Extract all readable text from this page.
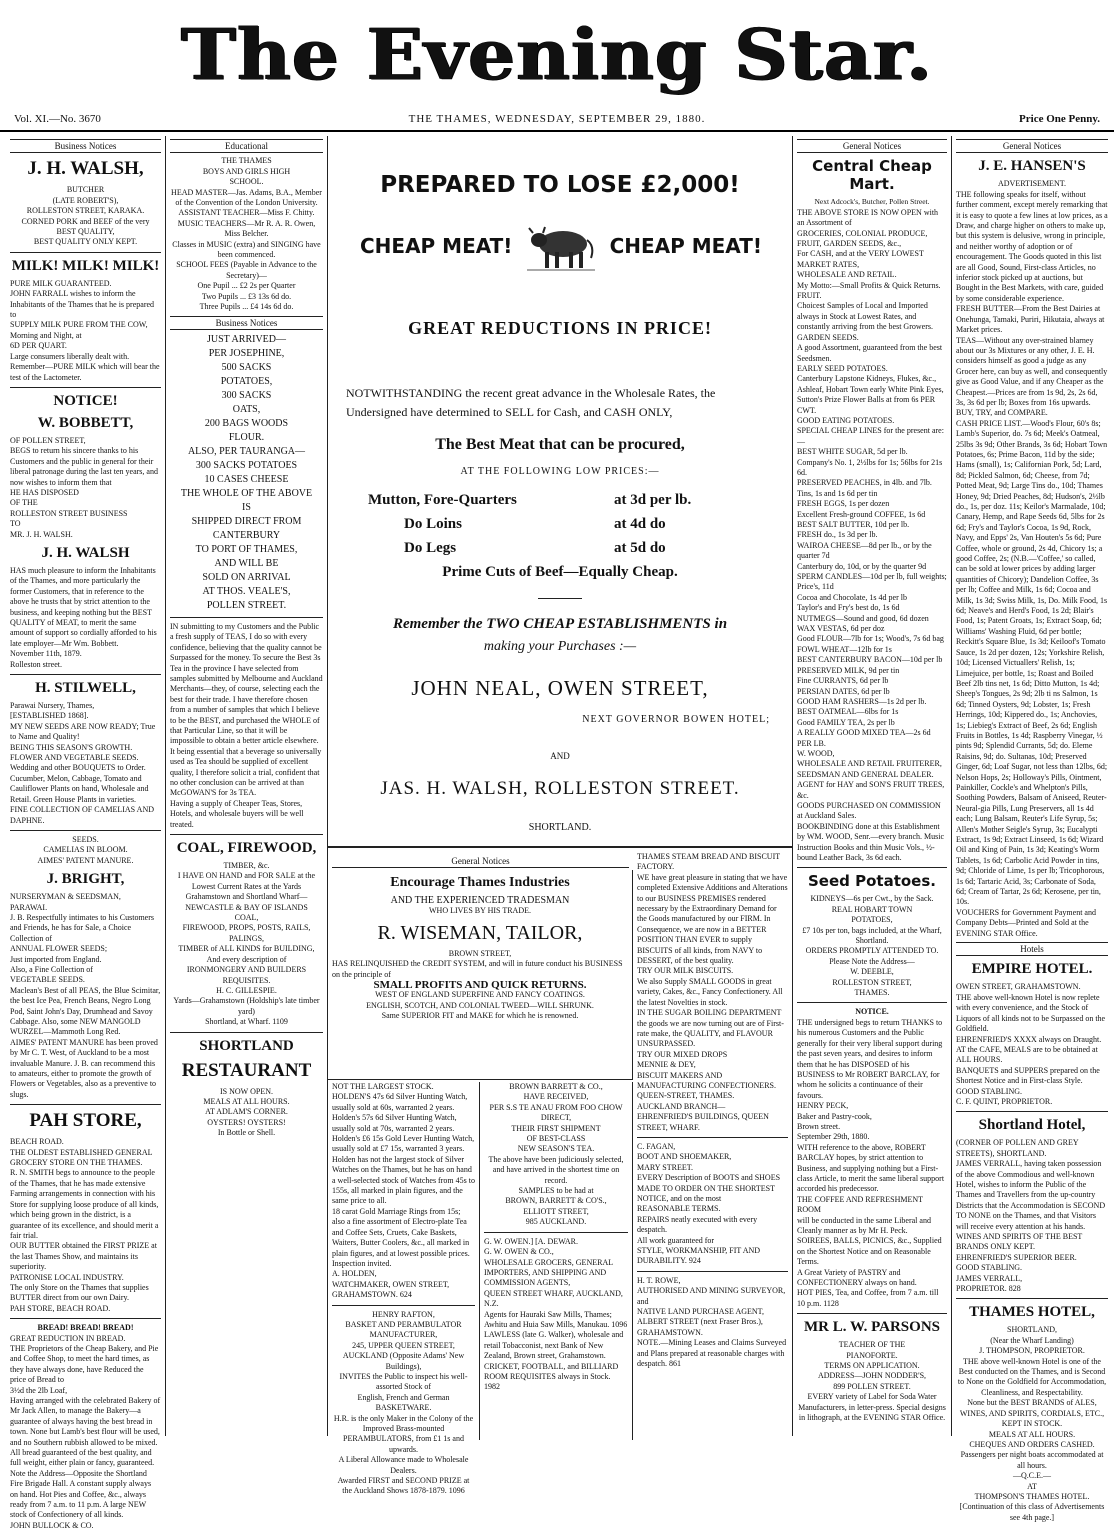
The Evening Star.
Vol. XI.—No. 3670	THE THAMES, WEDNESDAY, SEPTEMBER 29, 1880.	Price One Penny.
Business Notices
J. H. WALSH,
BUTCHER
(LATE ROBERT'S),
ROLLESTON STREET, KARAKA.
CORNED PORK and BEEF of the very
BEST QUALITY,
BEST QUALITY ONLY KEPT.
MILK! MILK! MILK!
PURE MILK GUARANTEED.
JOHN FARRALL wishes to inform the Inhabitants of the Thames that he is prepared to
SUPPLY MILK PURE FROM THE COW,
Morning and Night, at
6D PER QUART.
Large consumers liberally dealt with.
Remember—PURE MILK which will bear the test of the Lactometer.
NOTICE!
W. BOBBETT,
OF POLLEN STREET,
BEGS to return his sincere thanks to his Customers and the public in general for their liberal patronage during the last ten years, and now wishes to inform them that
HE HAS DISPOSED
OF THE
ROLLESTON STREET BUSINESS
TO
MR. J. H. WALSH.
J. H. WALSH
HAS much pleasure to inform the Inhabitants of the Thames, and more particularly the former Customers, that in reference to the above he trusts that by strict attention to the business, and keeping nothing but the BEST QUALITY of MEAT, to merit the same amount of support so cordially afforded to his late employer—Mr Wm. Bobbett.
November 11th, 1879.
Rolleston street.
H. STILWELL,
Parawai Nursery, Thames,
[ESTABLISHED 1868].
MY NEW SEEDS ARE NOW READY; True to Name and Quality!
BEING THIS SEASON'S GROWTH.
FLOWER AND VEGETABLE SEEDS.
Wedding and other BOUQUETS to Order.
Cucumber, Melon, Cabbage, Tomato and Cauliflower Plants on hand, Wholesale and Retail. Green House Plants in varieties.
FINE COLLECTION OF CAMELIAS AND DAPHNE.
SEEDS.
CAMELIAS IN BLOOM.
AIMES' PATENT MANURE.
J. BRIGHT,
NURSERYMAN & SEEDSMAN,
PARAWAI.
J. B. Respectfully intimates to his Customers and Friends, he has for Sale, a Choice Collection of
ANNUAL FLOWER SEEDS;
Just imported from England.
Also, a Fine Collection of
VEGETABLE SEEDS.
Maclean's Best of all PEAS, the Blue Scimitar, the best Ice Pea, French Beans, Negro Long Pod, Saint John's Day, Drumhead and Savoy Cabbage. Also, some NEW MANGOLD WURZEL—Mammoth Long Red.
AIMES' PATENT MANURE has been proved by Mr C. T. West, of Auckland to be a most invaluable Manure. J. B. can recommend this to amateurs, either to promote the growth of Flowers or Vegetables, also as a preventive to slugs.
PAH STORE,
BEACH ROAD.
THE OLDEST ESTABLISHED GENERAL GROCERY STORE ON THE THAMES.
R. N. SMITH begs to announce to the people of the Thames, that he has made extensive Farming arrangements in connection with his Store for supplying loose produce of all kinds, which being grown in the district, is a guarantee of its excellence, and should merit a fair trial.
OUR BUTTER obtained the FIRST PRIZE at the last Thames Show, and maintains its superiority.
PATRONISE LOCAL INDUSTRY.
The only Store on the Thames that supplies BUTTER direct from our own Dairy.
PAH STORE, BEACH ROAD.
BREAD! BREAD! BREAD!
GREAT REDUCTION IN BREAD.
THE Proprietors of the Cheap Bakery, and Pie and Coffee Shop, to meet the hard times, as they have always done, have Reduced the price of Bread to
3½d the 2lb Loaf,
Having arranged with the celebrated Bakery of Mr Jack Allen, to manage the Bakery—a guarantee of always having the best bread in town. None but Lamb's best flour will be used, and no Southern rubbish allowed to be mixed. All bread guaranteed of the best quality, and full weight, either plain or fancy, guaranteed. Note the Address—Opposite the Shortland Fire Brigade Hall. A constant supply always on hand. Hot Pies and Coffee, &c., always ready from 7 a.m. to 11 p.m. A large NEW stock of Confectionery of all kinds.
JOHN BULLOCK & CO.
Educational
THE THAMES
BOYS AND GIRLS HIGH
SCHOOL.
HEAD MASTER—Jas. Adams, B.A., Member of the Convention of the London University.
ASSISTANT TEACHER—Miss F. Chitty.
MUSIC TEACHERS—Mr R. A. R. Owen, Miss Belcher.
Classes in MUSIC (extra) and SINGING have been commenced.
SCHOOL FEES (Payable in Advance to the Secretary)—
One Pupil ... £2 2s per Quarter
Two Pupils ... £3 13s 6d do.
Three Pupils ... £4 14s 6d do.
Business Notices
JUST ARRIVED—
PER JOSEPHINE,
500 SACKS
POTATOES,
300 SACKS
OATS,
200 BAGS WOODS
FLOUR.
ALSO, PER TAURANGA—
300 SACKS POTATOES
10 CASES CHEESE
THE WHOLE OF THE ABOVE
IS
SHIPPED DIRECT FROM
CANTERBURY
TO PORT OF THAMES,
AND WILL BE
SOLD ON ARRIVAL
AT THOS. VEALE'S,
POLLEN STREET.
IN submitting to my Customers and the Public a fresh supply of TEAS, I do so with every confidence, believing that the quality cannot be Surpassed for the money. To secure the Best 3s Tea in the province I have selected from samples submitted by Melbourne and Auckland Merchants—they, of course, selecting each the best for their trade. I have therefore chosen from a number of samples that which I believe to be the BEST, and purchased the WHOLE of that Particular Line, so that it will be impossible to obtain a better article elsewhere.
It being essential that a beverage so universally used as Tea should be supplied of excellent quality, I therefore solicit a trial, confident that no other conclusion can be arrived at than
McGOWAN'S for 3s TEA.
Having a supply of Cheaper Teas, Stores, Hotels, and wholesale buyers will be well treated.
COAL, FIREWOOD,
TIMBER, &c.
I HAVE ON HAND and FOR SALE at the Lowest Current Rates at the Yards Grahamstown and Shortland Wharf—
NEWCASTLE & BAY OF ISLANDS
COAL,
FIREWOOD, PROPS, POSTS, RAILS,
PALINGS,
TIMBER of ALL KINDS for BUILDING,
And every description of
IRONMONGERY AND BUILDERS
REQUISITES.
H. C. GILLESPIE.
Yards—Grahamstown (Holdship's late timber yard)
Shortland, at Wharf. 1109
SHORTLAND
RESTAURANT
IS NOW OPEN.
MEALS AT ALL HOURS.
AT ADLAM'S CORNER.
OYSTERS! OYSTERS!
In Bottle or Shell.
PREPARED TO LOSE £2,000!
CHEAP MEAT!	CHEAP MEAT!
GREAT REDUCTIONS IN PRICE!
NOTWITHSTANDING the recent great advance in the Wholesale Rates, the Undersigned have determined to SELL for Cash, and CASH ONLY,
The Best Meat that can be procured,
AT THE FOLLOWING LOW PRICES:—
Mutton, Fore-Quarters	at 3d per lb.
Do Loins	at 4d do
Do Legs	at 5d do
Prime Cuts of Beef—Equally Cheap.
Remember the TWO CHEAP ESTABLISHMENTS in
making your Purchases :—
JOHN NEAL, OWEN STREET,
NEXT GOVERNOR BOWEN HOTEL;
AND
JAS. H. WALSH, ROLLESTON STREET.
SHORTLAND.
General Notices
Encourage Thames Industries
AND THE EXPERIENCED TRADESMAN
WHO LIVES BY HIS TRADE.
R. WISEMAN, TAILOR,
BROWN STREET,
HAS RELINQUISHED the CREDIT SYSTEM, and will in future conduct his BUSINESS on the principle of
SMALL PROFITS AND QUICK RETURNS.
WEST OF ENGLAND SUPERFINE AND FANCY COATINGS.
ENGLISH, SCOTCH, AND COLONIAL TWEED—WILL SHRUNK.
Same SUPERIOR FIT and MAKE for which he is renowned.
THAMES STEAM BREAD AND BISCUIT FACTORY.
WE have great pleasure in stating that we have completed Extensive Additions and Alterations to our BUSINESS PREMISES rendered necessary by the Extraordinary Demand for the Goods manufactured by our FIRM. In Consequence, we are now in a BETTER POSITION THAN EVER to supply BISCUITS of all kinds, from NAVY to DESSERT, of the best quality.
TRY OUR MILK BISCUITS.
We also Supply SMALL GOODS in great variety, Cakes, &c., Fancy Confectionery. All the latest Novelties in stock.
IN THE SUGAR BOILING DEPARTMENT the goods we are now turning out are of First-rate make, the QUALITY, and FLAVOUR UNSURPASSED.
TRY OUR MIXED DROPS
MENNIE & DEY,
BISCUIT MAKERS AND MANUFACTURING CONFECTIONERS.
QUEEN-STREET, THAMES.
AUCKLAND BRANCH—
EHRENFRIED'S BUILDINGS, QUEEN STREET, WHARF.
C. FAGAN,
BOOT AND SHOEMAKER,
MARY STREET.
EVERY Description of BOOTS and SHOES
MADE TO ORDER ON THE SHORTEST NOTICE, and on the most
REASONABLE TERMS.
REPAIRS neatly executed with every despatch.
All work guaranteed for
STYLE, WORKMANSHIP, FIT AND DURABILITY. 924
H. T. ROWE,
AUTHORISED AND MINING SURVEYOR, and
NATIVE LAND PURCHASE AGENT,
ALBERT STREET (next Fraser Bros.), GRAHAMSTOWN.
NOTE.—Mining Leases and Claims Surveyed and Plans prepared at reasonable charges with despatch. 861
NOT THE LARGEST STOCK.
HOLDEN'S 47s 6d Silver Hunting Watch, usually sold at 60s, warranted 2 years. Holden's 57s 6d Silver Hunting Watch, usually sold at 70s, warranted 2 years. Holden's £6 15s Gold Lever Hunting Watch, usually sold at £7 15s, warranted 3 years.
Holden has not the largest stock of Silver Watches on the Thames, but he has on hand a well-selected stock of Watches from 45s to 155s, all marked in plain figures, and the same price to all.
18 carat Gold Marriage Rings from 15s; also a fine assortment of Electro-plate Tea and Coffee Sets, Cruets, Cake Baskets, Waiters, Butter Coolers, &c., all marked in plain figures, and at lowest possible prices. Inspection invited.
A. HOLDEN,
WATCHMAKER, OWEN STREET, GRAHAMSTOWN. 624
HENRY RAFTON,
BASKET AND PERAMBULATOR MANUFACTURER,
245, UPPER QUEEN STREET, AUCKLAND (Opposite Adams' New Buildings),
INVITES the Public to inspect his well-assorted Stock of
English, French and German
BASKETWARE.
H.R. is the only Maker in the Colony of the Improved Brass-mounted PERAMBULATORS, from £1 1s and upwards.
A Liberal Allowance made to Wholesale Dealers.
Awarded FIRST and SECOND PRIZE at the Auckland Shows 1878-1879. 1096
BROWN BARRETT & CO.,
HAVE RECEIVED,
PER S.S TE ANAU FROM FOO CHOW DIRECT,
THEIR FIRST SHIPMENT
OF BEST-CLASS
NEW SEASON'S TEA.
The above have been judiciously selected, and have arrived in the shortest time on record.
SAMPLES to be had at
BROWN, BARRETT & CO'S.,
ELLIOTT STREET,
985 AUCKLAND.
G. W. OWEN.] [A. DEWAR.
G. W. OWEN & CO.,
WHOLESALE GROCERS, GENERAL IMPORTERS, AND SHIPPING AND COMMISSION AGENTS,
QUEEN STREET WHARF, AUCKLAND, N.Z.
Agents for Hauraki Saw Mills, Thames; Awhitu and Huia Saw Mills, Manukau. 1096
LAWLESS (late G. Walker), wholesale and retail Tobacconist, next Bank of New Zealand, Brown street, Grahamstown. CRICKET, FOOTBALL, and BILLIARD ROOM REQUISITES always in Stock. 1982
General Notices
Central Cheap Mart.
Next Adcock's, Butcher, Pollen Street.
THE ABOVE STORE IS NOW OPEN with an Assortment of
GROCERIES, COLONIAL PRODUCE, FRUIT, GARDEN SEEDS, &c.,
For CASH, and at the VERY LOWEST MARKET RATES,
WHOLESALE AND RETAIL.
My Motto:—Small Profits & Quick Returns.
FRUIT.
Choicest Samples of Local and Imported always in Stock at Lowest Rates, and constantly arriving from the best Growers.
GARDEN SEEDS.
A good Assortment, guaranteed from the best Seedsmen.
EARLY SEED POTATOES.
Canterbury Lapstone Kidneys, Flukes, &c., Ashleaf, Hobart Town early White Pink Eyes, Sutton's Prize Flower Balls at from 6s PER CWT.
GOOD EATING POTATOES.
SPECIAL CHEAP LINES for the present are:—
BEST WHITE SUGAR, 5d per lb.
Company's No. 1, 2½lbs for 1s; 56lbs for 21s 6d.
PRESERVED PEACHES, in 4lb. and 7lb. Tins, 1s and 1s 6d per tin
FRESH EGGS, 1s per dozen
Excellent Fresh-ground COFFEE, 1s 6d
BEST SALT BUTTER, 10d per lb.
FRESH do., 1s 3d per lb.
WAIROA CHEESE—8d per lb., or by the quarter 7d
Canterbury do, 10d, or by the quarter 9d
SPERM CANDLES—10d per lb, full weights; Price's, 11d
Cocoa and Chocolate, 1s 4d per lb
Taylor's and Fry's best do, 1s 6d
NUTMEGS—Sound and good, 6d dozen
WAX VESTAS, 6d per doz
Good FLOUR—7lb for 1s; Wood's, 7s 6d bag
FOWL WHEAT—12lb for 1s
BEST CANTERBURY BACON—10d per lb
PRESERVED MILK, 9d per tin
Fine CURRANTS, 6d per lb
PERSIAN DATES, 6d per lb
GOOD HAM RASHERS—1s 2d per lb.
BEST OATMEAL—6lbs for 1s
Good FAMILY TEA, 2s per lb
A REALLY GOOD MIXED TEA—2s 6d PER LB.
W. WOOD,
WHOLESALE AND RETAIL FRUITERER, SEEDSMAN AND GENERAL DEALER.
AGENT for HAY and SON'S FRUIT TREES, &c.
GOODS PURCHASED ON COMMISSION at Auckland Sales.
BOOKBINDING done at this Establishment by WM. WOOD, Senr.—every branch. Music Instruction Books and thin Music Vols., ½-bound Leather Back, 3s 6d each.
Seed Potatoes.
KIDNEYS—6s per Cwt., by the Sack.
REAL HOBART TOWN
POTATOES,
£7 10s per ton, bags included, at the Wharf, Shortland.
ORDERS PROMPTLY ATTENDED TO.
Please Note the Address—
W. DEEBLE,
ROLLESTON STREET,
THAMES.
NOTICE.
THE undersigned begs to return THANKS to his numerous Customers and the Public generally for their very liberal support during the past seven years, and desires to inform them that he has DISPOSED of his BUSINESS to Mr ROBERT BARCLAY, for whom he solicits a continuance of their favours.
HENRY PECK,
Baker and Pastry-cook,
Brown street.
September 29th, 1880.
WITH reference to the above, ROBERT BARCLAY hopes, by strict attention to Business, and supplying nothing but a First-class Article, to merit the same liberal support accorded his predecessor.
THE COFFEE AND REFRESHMENT ROOM
will be conducted in the same Liberal and Cleanly manner as by Mr H. Peck.
SOIREES, BALLS, PICNICS, &c., Supplied on the Shortest Notice and on Reasonable Terms.
A Great Variety of PASTRY and CONFECTIONERY always on hand.
HOT PIES, Tea, and Coffee, from 7 a.m. till 10 p.m. 1128
MR L. W. PARSONS
TEACHER OF THE
PIANOFORTE.
TERMS ON APPLICATION.
ADDRESS—JOHN NODDER'S,
899 POLLEN STREET.
EVERY variety of Label for Soda Water Manufacturers, in letter-press. Special designs in lithograph, at the EVENING STAR Office.
General Notices
J. E. HANSEN'S
ADVERTISEMENT.
THE following speaks for itself, without further comment, except merely remarking that it is easy to quote a few lines at low prices, as a Draw, and charge higher on others to make up, but this system is delusive, wrong in principle, and neither worthy of adoption or of encouragement. The Goods quoted in this list are all Good, Sound, First-class Articles, no inferior stock picked up at auctions, but Bought in the Best Markets, with care, guided by some considerable experience.
FRESH BUTTER—From the Best Dairies at Onehunga, Tamaki, Puriri, Hikutaia, always at Market prices.
TEAS—Without any over-strained blarney about our 3s Mixtures or any other, J. E. H. considers himself as good a judge as any Grocer here, can buy as well, and consequently give as Good Value, and if any Cheaper as the Cheapest.—Prices are from 1s 9d, 2s, 2s 6d, 3s, 3s 6d per lb; Boxes from 16s upwards. BUY, TRY, and COMPARE.
CASH PRICE LIST.—Wood's Flour, 60's 8s; Lamb's Superior, do. 7s 6d; Meek's Oatmeal, 25lbs 3s 9d; Other Brands, 3s 6d; Hobart Town Potatoes, 6s; Prime Bacon, 11d by the side; Hams (small), 1s; Californian Pork, 5d; Lard, 8d; Pickled Salmon, 6d; Cheese, from 7d; Potted Meat, 9d; Large Tins do., 10d; Thames Honey, 9d; Dried Peaches, 8d; Hudson's, 2½lb do., 1s, per doz. 11s; Keilor's Marmalade, 10d; Canary, Hemp, and Rape Seeds 6d, 5lbs for 2s 6d; Fry's and Taylor's Cocoa, 1s 9d, Rock, Navy, and Epps' 2s, Van Houten's 5s 6d; Pure Coffee, whole or ground, 2s 4d, Chicory 1s; a good Coffee, 2s; (N.B.—'Coffee,' so called, can be sold at lower prices by adding larger quantities of Chicory); Dandelion Coffee, 3s per lb; Coffee and Milk, 1s 6d; Cocoa and Milk, 1s 3d; Swiss Milk, 1s, Do. Milk Food, 1s 6d; Neave's and Herd's Food, 1s 2d; Blair's Food, 1s; Patent Groats, 1s; Extract Soap, 6d; Williams' Washing Fluid, 6d per bottle; Reckitt's Square Blue, 1s 3d; Keiloof's Tomato Sauce, 1s 2d per dozen, 12s; Yorkshire Relish, 10d; Licensed Victuallers' Relish, 1s; Limejuice, per bottle, 1s; Roast and Boiled Beef 2lb tins net, 1s 6d; Ditto Mutton, 1s 4d; Sheep's Tongues, 2s 9d; 2lb ti ns Salmon, 1s 6d; Tinned Oysters, 9d; Lobster, 1s; Fresh Herrings, 10d; Kippered do., 1s; Anchovies, 1s; Liebieg's Extract of Beef, 2s 6d; English Fruits in Bottles, 1s 4d; Raspberry Vinegar, ½ pints 9d; Splendid Currants, 5d; do. Eleme Raisins, 9d; do. Sultanas, 10d; Preserved Ginger, 6d; Loaf Sugar, not less than 12lbs, 6d; Nelson Hops, 2s; Holloway's Pills, Ointment, Painkiller, Cockle's and Whelpton's Pills, Soothing Powders, Balsam of Aniseed, Reuter-Neural-gia Pills, Lung Preservers, all 1s 4d each; Lung Balsam, Reuter's Life Syrup, 5s; Allen's Mother Seigle's Syrup, 3s; Eucalypti Extract, 1s 9d; Extract Linseed, 1s 6d; Wizard Oil and King of Pain, 1s 3d; Keating's Worm Tablets, 1s 6d; Carbolic Acid Powder in tins, 9d; Chloride of Lime, 1s per lb; Tricophorous, 1s 6d; Tartaric Acid, 3s; Carbonate of Soda, 6d; Cream of Tartar, 2s 6d; Kerosene, per tin, 10s.
VOUCHERS for Government Payment and Company Debts—Printed and Sold at the EVENING STAR Office.
Hotels
EMPIRE HOTEL.
OWEN STREET, GRAHAMSTOWN.
THE above well-known Hotel is now replete with every convenience, and the Stock of Liquors of all kinds not to be Surpassed on the Goldfield.
EHRENFRIED'S XXXX always on Draught.
AT the CAFE, MEALS are to be obtained at ALL HOURS.
BANQUETS and SUPPERS prepared on the Shortest Notice and in First-class Style.
GOOD STABLING.
C. F. QUINT, PROPRIETOR.
Shortland Hotel,
(CORNER OF POLLEN AND GREY STREETS), SHORTLAND.
JAMES VERRALL, having taken possession of the above Commodious and well-known Hotel, wishes to inform the Public of the Thames and Travellers from the up-country Districts that the Accommodation is SECOND TO NONE on the Thames, and that Visitors will receive every attention at his hands.
WINES AND SPIRITS OF THE BEST BRANDS ONLY KEPT.
EHRENFRIED'S SUPERIOR BEER.
GOOD STABLING.
JAMES VERRALL,
PROPRIETOR. 828
THAMES HOTEL,
SHORTLAND,
(Near the Wharf Landing)
J. THOMPSON, PROPRIETOR.
THE above well-known Hotel is one of the Best conducted on the Thames, and is Second to None on the Goldfield for Accommodation, Cleanliness, and Respectability.
None but the BEST BRANDS of ALES, WINES, AND SPIRITS, CORDIALS, ETC., KEPT IN STOCK.
MEALS AT ALL HOURS.
CHEQUES AND ORDERS CASHED.
Passengers per night boats accommodated at all hours.
—Q.C.E.—
AT
THOMPSON'S THAMES HOTEL.
[Continuation of this class of Advertisements see 4th page.]
